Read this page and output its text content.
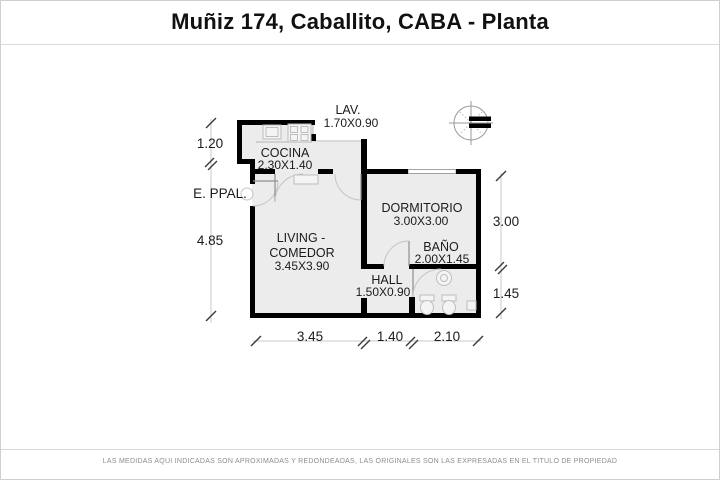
Muñiz 174, Caballito, CABA - Planta
LAV.
1.70X0.90
COCINA
2.30X1.40
LIVING -
COMEDOR
3.45X3.90
DORMITORIO
3.00X3.00
BAÑO
2.00X1.45
HALL
1.50X0.90
E. PPAL.
1.20
4.85
3.00
1.45
3.45	1.40 2.10
LAS MEDIDAS AQUI INDICADAS SON APROXIMADAS Y REDONDEADAS, LAS ORIGINALES SON LAS EXPRESADAS EN EL TITULO DE PROPIEDAD
